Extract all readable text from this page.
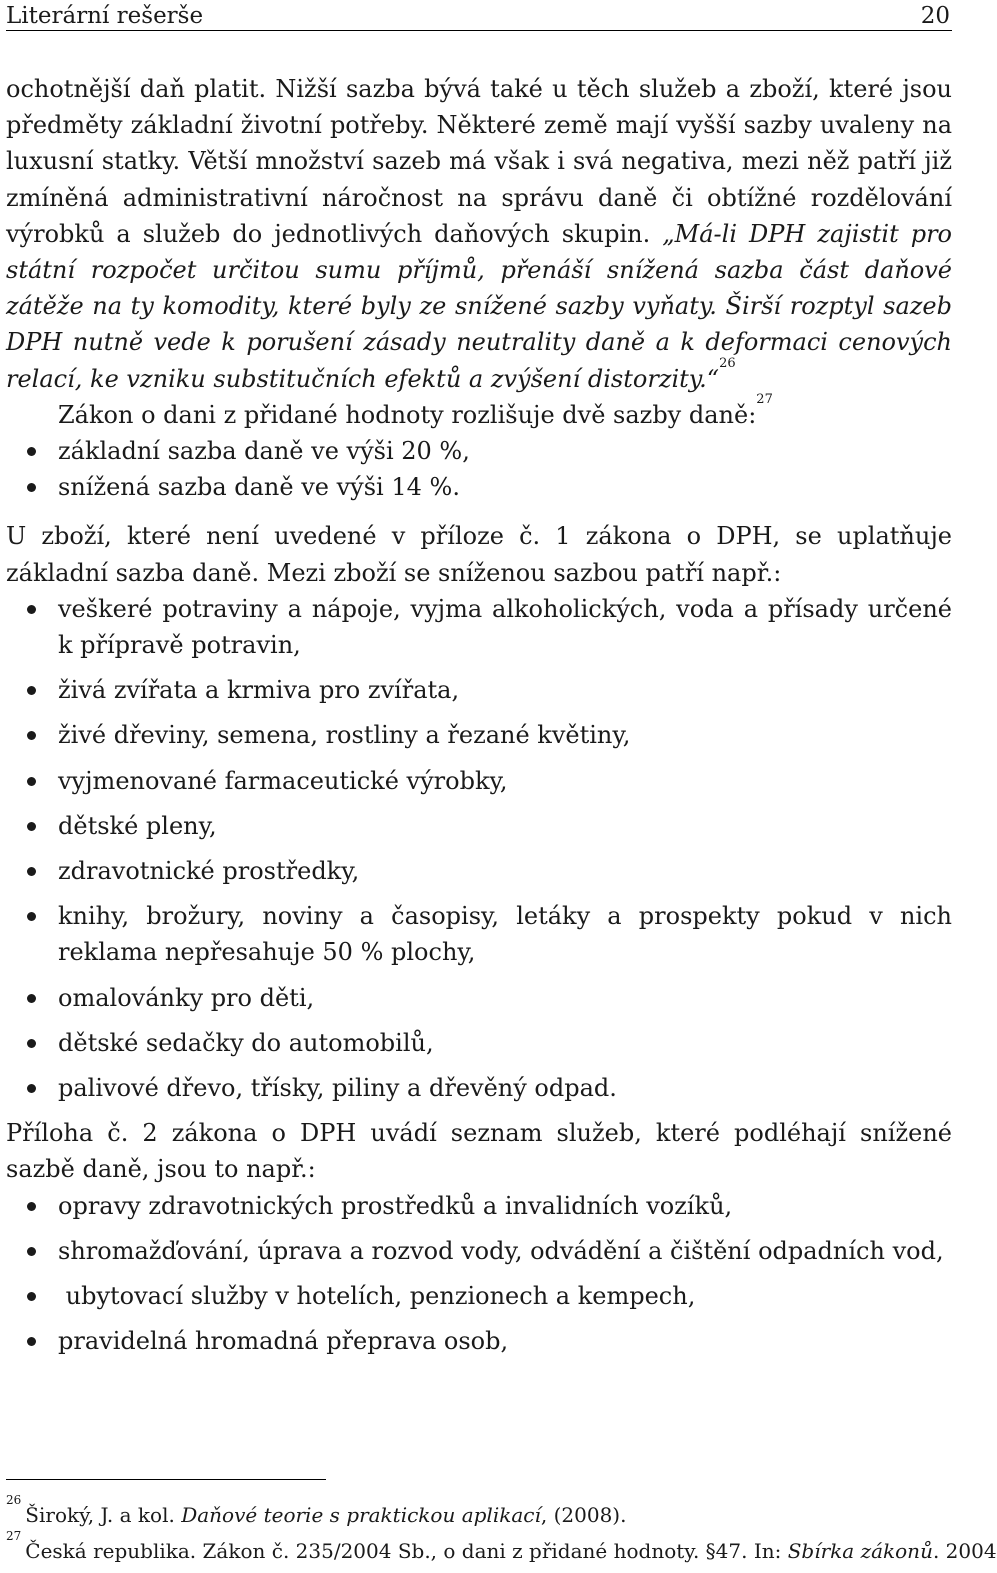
Literární rešerše	20

ochotnější daň platit. Nižší sazba bývá také u těch služeb a zboží, které jsou předměty základní životní potřeby. Některé země mají vyšší sazby uvaleny na luxusní statky. Větší množství sazeb má však i svá negativa, mezi něž patří již zmíněná administrativní náročnost na správu daně či obtížné rozdělování výrobků a služeb do jednotlivých daňových skupin. „Má-li DPH zajistit pro státní rozpočet určitou sumu příjmů, přenáší snížená sazba část daňové zátěže na ty komodity, které byly ze snížené sazby vyňaty. Širší rozptyl sazeb DPH nutně vede k porušení zásady neutrality daně a k deformaci cenových relací, ke vzniku substitučních efektů a zvýšení distorzity.“$^{26}$

Zákon o dani z přidané hodnoty rozlišuje dvě sazby daně:$^{27}$

základní sazba daně ve výši 20 %,
snížená sazba daně ve výši 14 %.

U zboží, které není uvedené v příloze č. 1 zákona o DPH, se uplatňuje základní sazba daně. Mezi zboží se sníženou sazbou patří např.:

veškeré potraviny a nápoje, vyjma alkoholických, voda a přísady určené k přípravě potravin,
živá zvířata a krmiva pro zvířata,
živé dřeviny, semena, rostliny a řezané květiny,
vyjmenované farmaceutické výrobky,
dětské pleny,
zdravotnické prostředky,
knihy, brožury, noviny a časopisy, letáky a prospekty pokud v nich reklama nepřesahuje 50 % plochy,
omalovánky pro děti,
dětské sedačky do automobilů,
palivové dřevo, třísky, piliny a dřevěný odpad.

Příloha č. 2 zákona o DPH uvádí seznam služeb, které podléhají snížené sazbě daně, jsou to např.:

opravy zdravotnických prostředků a invalidních vozíků,
shromažďování, úprava a rozvod vody, odvádění a čištění odpadních vod,
ubytovací služby v hotelích, penzionech a kempech,
pravidelná hromadná přeprava osob,
$^{26}$Široký, J. a kol. Daňové teorie s praktickou aplikací, (2008).
$^{27}$Česká republika. Zákon č. 235/2004 Sb., o dani z přidané hodnoty. §47. In: Sbírka zákonů. 2004
